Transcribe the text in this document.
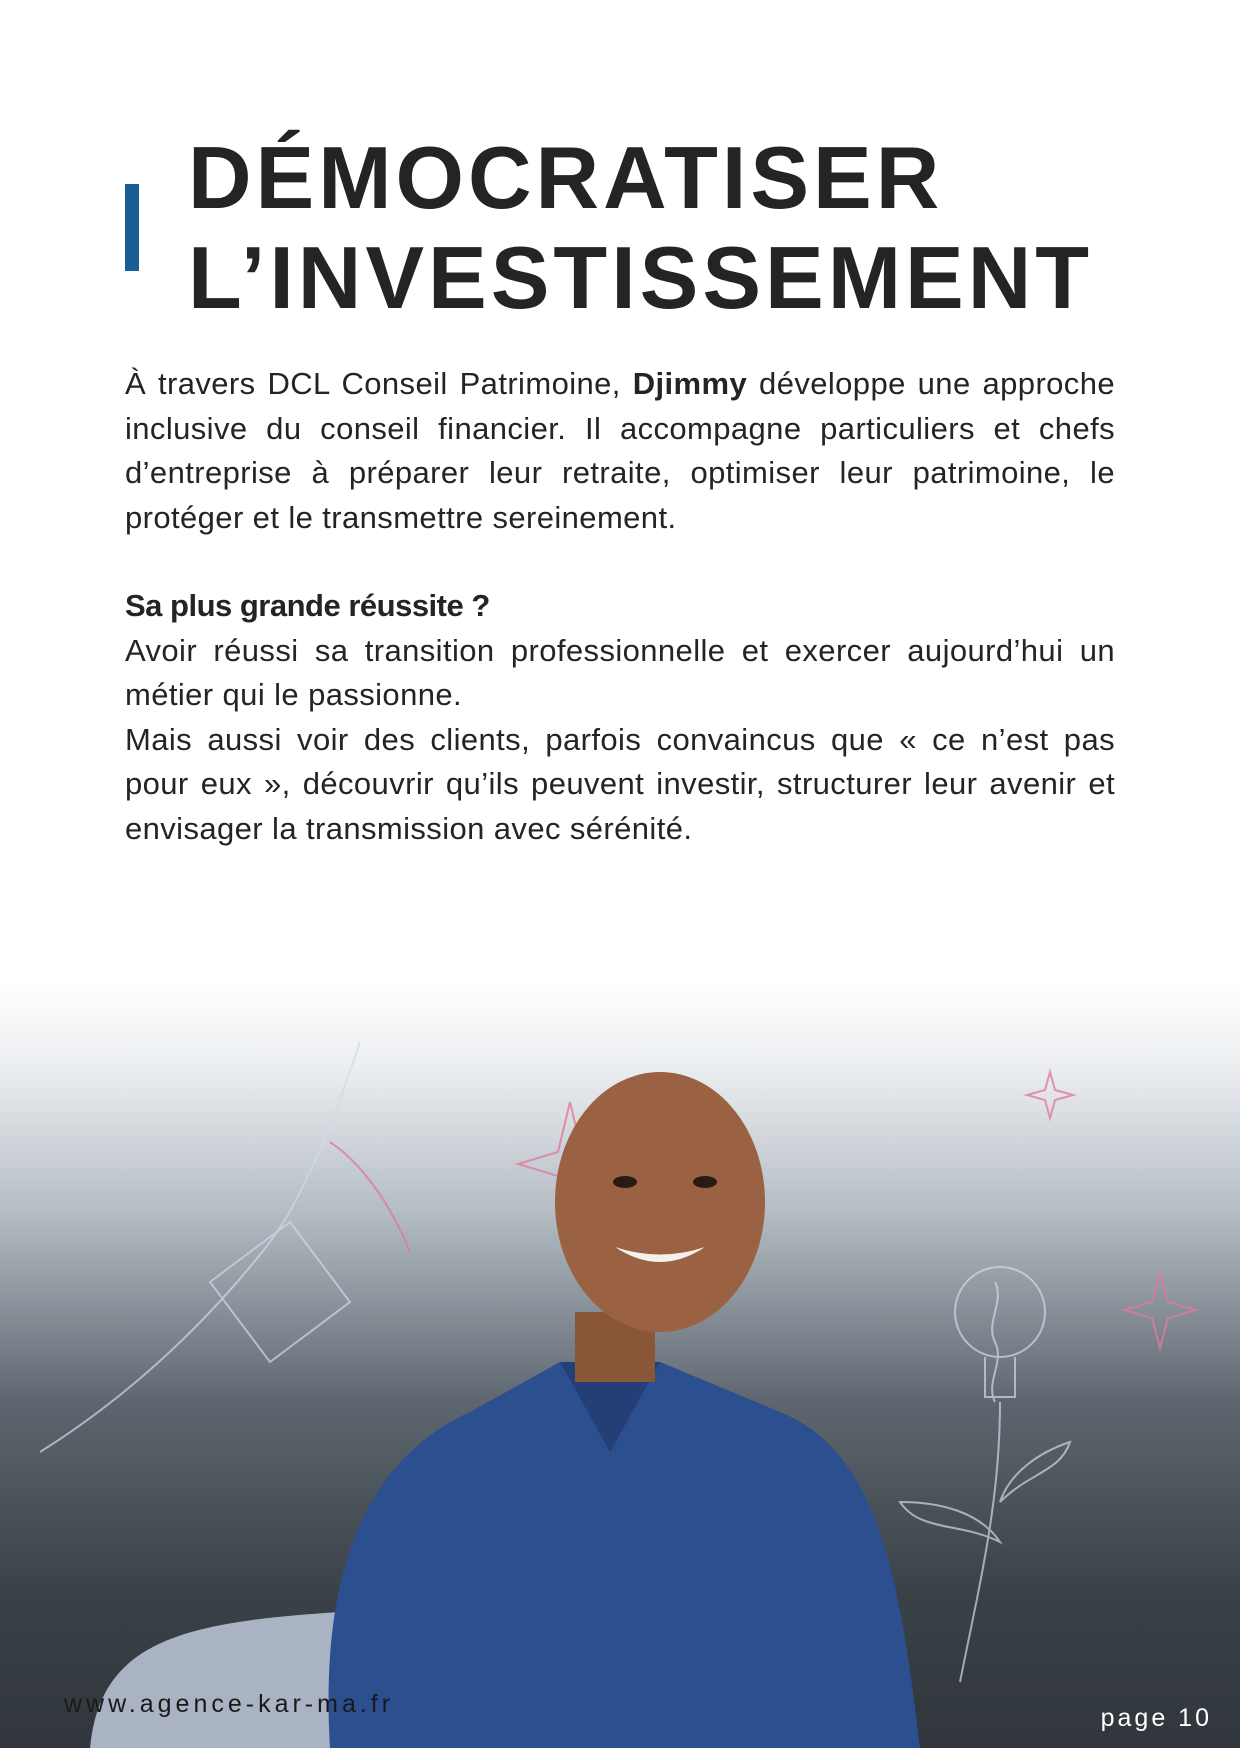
DÉMOCRATISER
L’INVESTISSEMENT

À travers DCL Conseil Patrimoine, Djimmy développe une approche inclusive du conseil financier. Il accompagne particuliers et chefs d’entreprise à préparer leur retraite, optimiser leur patrimoine, le protéger et le transmettre sereinement.

Sa plus grande réussite ?

Avoir réussi sa transition professionnelle et exercer aujourd’hui un métier qui le passionne.

Mais aussi voir des clients, parfois convaincus que « ce n’est pas pour eux », découvrir qu’ils peuvent investir, structurer leur avenir et envisager la transmission avec sérénité.

www.agence-kar-ma.fr	page 10
